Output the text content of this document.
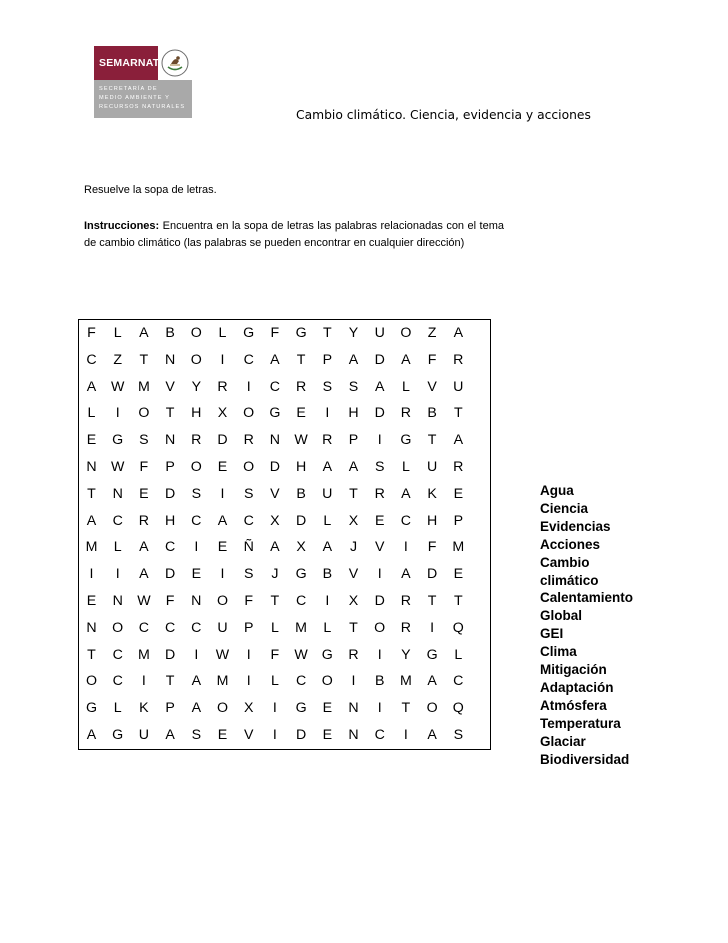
SEMARNAT
SECRETARÍA DE
MEDIO AMBIENTE Y
RECURSOS NATURALES
Cambio climático. Ciencia, evidencia y acciones
Resuelve la sopa de letras.
Instrucciones: Encuentra en la sopa de letras las palabras relacionadas con el tema de cambio climático (las palabras se pueden encontrar en cualquier dirección)
F	L	A	B	O	L	G	F	G	T	Y	U	O	Z	A
C	Z	T	N	O	I	C	A	T	P	A	D	A	F	R
A	W M	V	Y	R	I	C	R	S	S	A	L	V	U
L	I	O	T	H	X	O	G	E	I	H	D	R	B	T
E	G	S	N	R	D	R	N	W	R	P	I	G	T	A
N	W	F	P	O	E	O	D	H	A	A	S	L	U	R
T	N	E	D	S	I	S	V	B	U	T	R	A	K	E
A	C	R	H	C	A	C	X	D	L	X	E	C	H	P
M	L	A	C	I	E	Ñ	A	X	A	J	V	I	F	M
I	I	A	D	E	I	S	J	G	B	V	I	A	D	E
E	N	W	F	N	O	F	T	C	I	X	D	R	T	T
N	O	C	C	C	U	P	L	M	L	T	O	R	I	Q
T	C	M	D	I	W	I	F	W G	R	I	Y	G	L
O	C	I	T	A	M	I	L	C	O	I	B	M	A	C
G	L	K	P	A	O	X	I	G	E	N	I	T	O	Q
A	G	U	A	S	E	V	I	D	E	N	C	I	A	S
Agua
Ciencia
Evidencias
Acciones
Cambio
climático
Calentamiento
Global
GEI
Clima
Mitigación
Adaptación
Atmósfera
Temperatura
Glaciar
Biodiversidad
